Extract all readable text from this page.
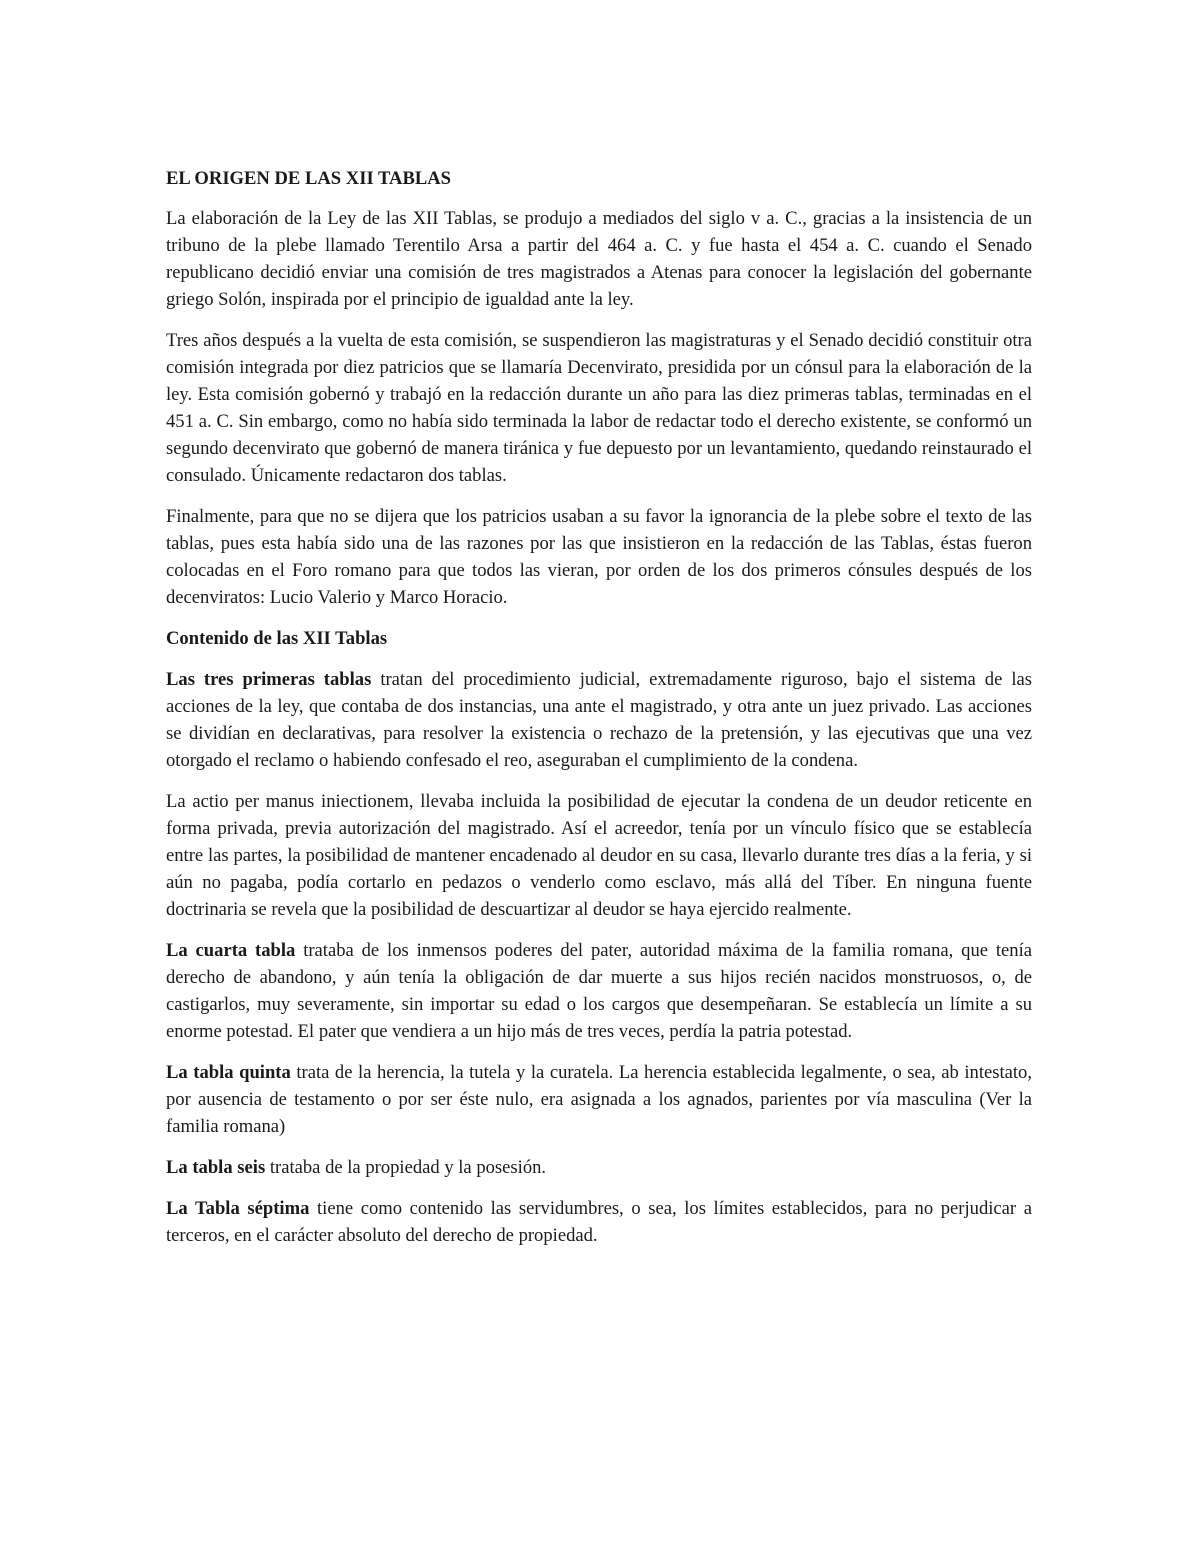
EL ORIGEN DE LAS XII TABLAS

La elaboración de la Ley de las XII Tablas, se produjo a mediados del siglo v a. C., gracias a la insistencia de un tribuno de la plebe llamado Terentilo Arsa a partir del 464 a. C. y fue hasta el 454 a. C. cuando el Senado republicano decidió enviar una comisión de tres magistrados a Atenas para conocer la legislación del gobernante griego Solón, inspirada por el principio de igualdad ante la ley.

Tres años después a la vuelta de esta comisión, se suspendieron las magistraturas y el Senado decidió constituir otra comisión integrada por diez patricios que se llamaría Decenvirato, presidida por un cónsul para la elaboración de la ley. Esta comisión gobernó y trabajó en la redacción durante un año para las diez primeras tablas, terminadas en el 451 a. C. Sin embargo, como no había sido terminada la labor de redactar todo el derecho existente, se conformó un segundo decenvirato que gobernó de manera tiránica y fue depuesto por un levantamiento, quedando reinstaurado el consulado. Únicamente redactaron dos tablas.

Finalmente, para que no se dijera que los patricios usaban a su favor la ignorancia de la plebe sobre el texto de las tablas, pues esta había sido una de las razones por las que insistieron en la redacción de las Tablas, éstas fueron colocadas en el Foro romano para que todos las vieran, por orden de los dos primeros cónsules después de los decenviratos: Lucio Valerio y Marco Horacio.

Contenido de las XII Tablas

Las tres primeras tablas tratan del procedimiento judicial, extremadamente riguroso, bajo el sistema de las acciones de la ley, que contaba de dos instancias, una ante el magistrado, y otra ante un juez privado. Las acciones se dividían en declarativas, para resolver la existencia o rechazo de la pretensión, y las ejecutivas que una vez otorgado el reclamo o habiendo confesado el reo, aseguraban el cumplimiento de la condena.

La actio per manus iniectionem, llevaba incluida la posibilidad de ejecutar la condena de un deudor reticente en forma privada, previa autorización del magistrado. Así el acreedor, tenía por un vínculo físico que se establecía entre las partes, la posibilidad de mantener encadenado al deudor en su casa, llevarlo durante tres días a la feria, y si aún no pagaba, podía cortarlo en pedazos o venderlo como esclavo, más allá del Tíber. En ninguna fuente doctrinaria se revela que la posibilidad de descuartizar al deudor se haya ejercido realmente.

La cuarta tabla trataba de los inmensos poderes del pater, autoridad máxima de la familia romana, que tenía derecho de abandono, y aún tenía la obligación de dar muerte a sus hijos recién nacidos monstruosos, o, de castigarlos, muy severamente, sin importar su edad o los cargos que desempeñaran. Se establecía un límite a su enorme potestad. El pater que vendiera a un hijo más de tres veces, perdía la patria potestad.

La tabla quinta trata de la herencia, la tutela y la curatela. La herencia establecida legalmente, o sea, ab intestato, por ausencia de testamento o por ser éste nulo, era asignada a los agnados, parientes por vía masculina (Ver la familia romana)

La tabla seis trataba de la propiedad y la posesión.

La Tabla séptima tiene como contenido las servidumbres, o sea, los límites establecidos, para no perjudicar a terceros, en el carácter absoluto del derecho de propiedad.
